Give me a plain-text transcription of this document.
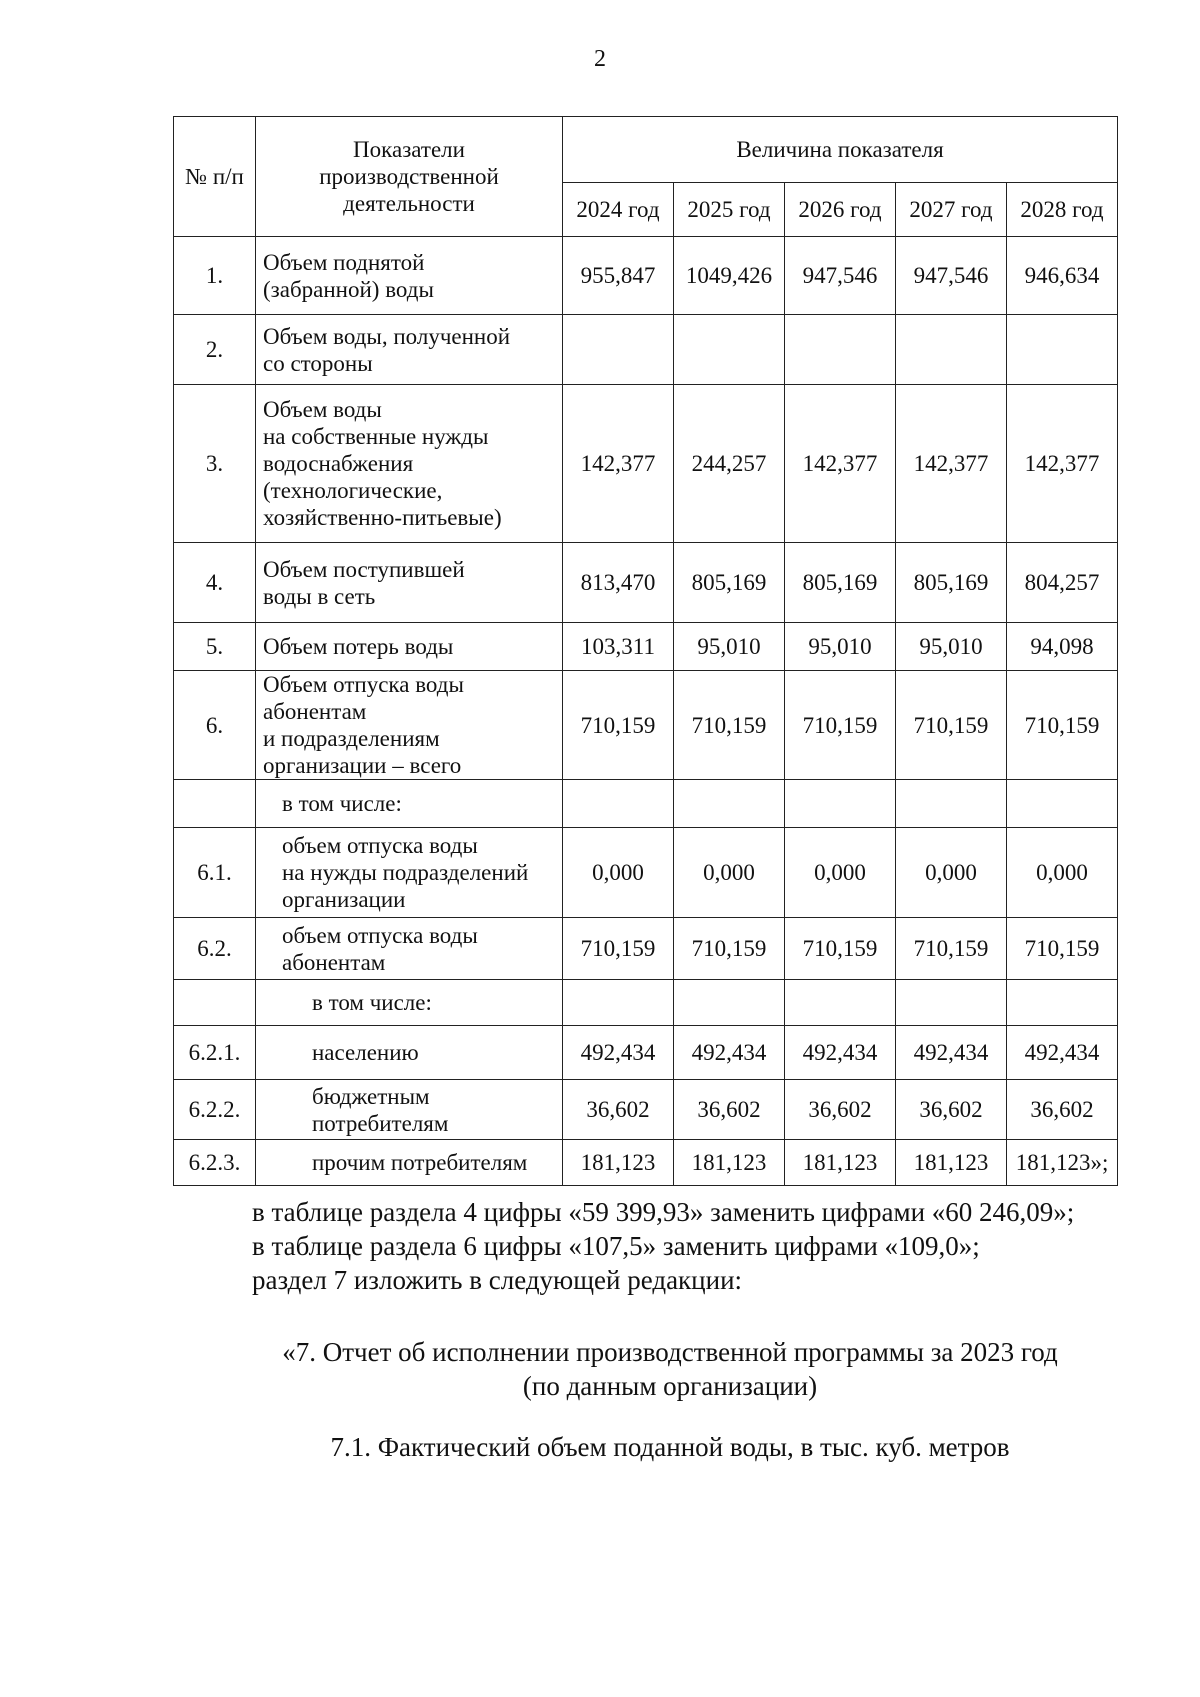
2
№ п/п	Показатели
производственной
деятельности	Величина показателя				
		2024 год	2025 год	2026 год	2027 год	2028 год
1.	Объем поднятой
(забранной) воды	955,847	1049,426	947,546	947,546	946,634
2.	Объем воды, полученной
со стороны					

3.	Объем воды
на собственные нужды
водоснабжения
(технологические,
хозяйственно-питьевые)	142,377	244,257	142,377	142,377	142,377
4.	Объем поступившей
воды в сеть	813,470	805,169	805,169	805,169	804,257
5.	Объем потерь воды	103,311	95,010	95,010	95,010	94,098
6.	Объем отпуска воды
абонентам
и подразделениям
организации – всего	710,159	710,159	710,159	710,159	710,159

	в том числе:					

6.1.	объем отпуска воды
на нужды подразделений
организации	0,000	0,000	0,000	0,000	0,000
6.2.	объем отпуска воды
абонентам	710,159	710,159	710,159	710,159	710,159

	в том числе:					

6.2.1.	населению	492,434	492,434	492,434	492,434	492,434
6.2.2.	бюджетным
потребителям	36,602	36,602	36,602	36,602	36,602
6.2.3.	прочим потребителям	181,123	181,123	181,123	181,123	181,123»;
в таблице раздела 4 цифры «59 399,93» заменить цифрами «60 246,09»;
в таблице раздела 6 цифры «107,5» заменить цифрами «109,0»;
раздел 7 изложить в следующей редакции:
«7. Отчет об исполнении производственной программы за 2023 год
(по данным организации)
7.1. Фактический объем поданной воды, в тыс. куб. метров
